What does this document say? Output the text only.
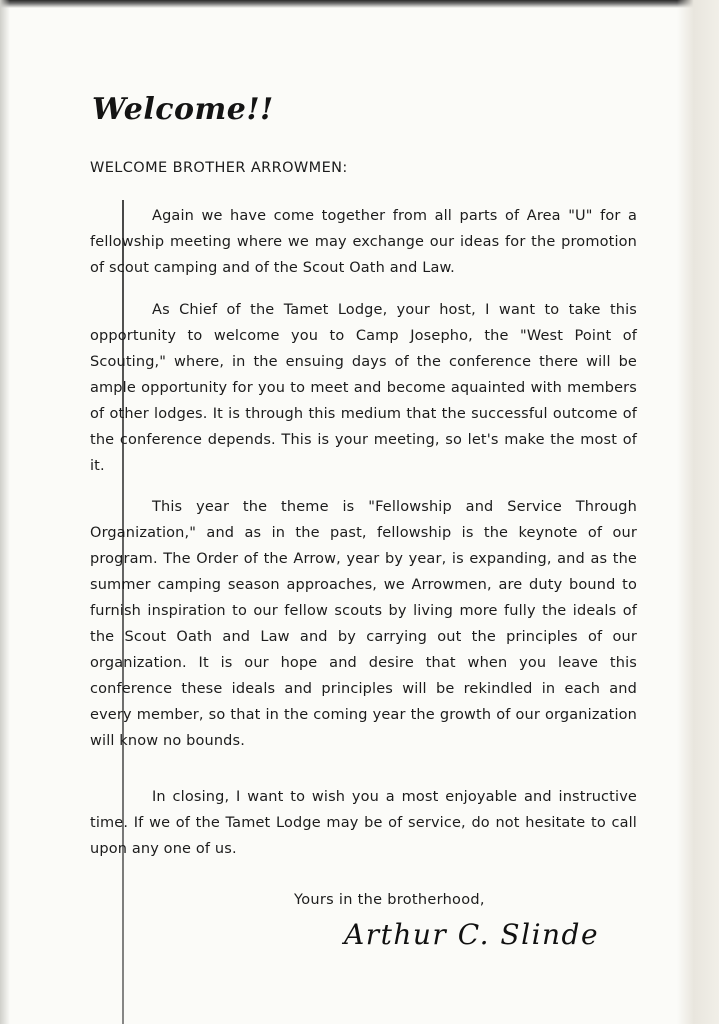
Welcome!!

WELCOME BROTHER ARROWMEN:

Again we have come together from all parts of Area "U" for a fellowship meeting where we may exchange our ideas for the promotion of scout camping and of the Scout Oath and Law.

As Chief of the Tamet Lodge, your host, I want to take this opportunity to welcome you to Camp Josepho, the "West Point of Scouting," where, in the ensuing days of the conference there will be ample opportunity for you to meet and become aquainted with members of other lodges. It is through this medium that the successful outcome of the conference depends. This is your meeting, so let's make the most of it.

This year the theme is "Fellowship and Service Through Organization," and as in the past, fellowship is the keynote of our program. The Order of the Arrow, year by year, is expanding, and as the summer camping season approaches, we Arrowmen, are duty bound to furnish inspiration to our fellow scouts by living more fully the ideals of the Scout Oath and Law and by carrying out the principles of our organization. It is our hope and desire that when you leave this conference these ideals and principles will be rekindled in each and every member, so that in the coming year the growth of our organization will know no bounds.

In closing, I want to wish you a most enjoyable and instructive time. If we of the Tamet Lodge may be of service, do not hesitate to call upon any one of us.

Yours in the brotherhood,

Arthur C. Slinde
